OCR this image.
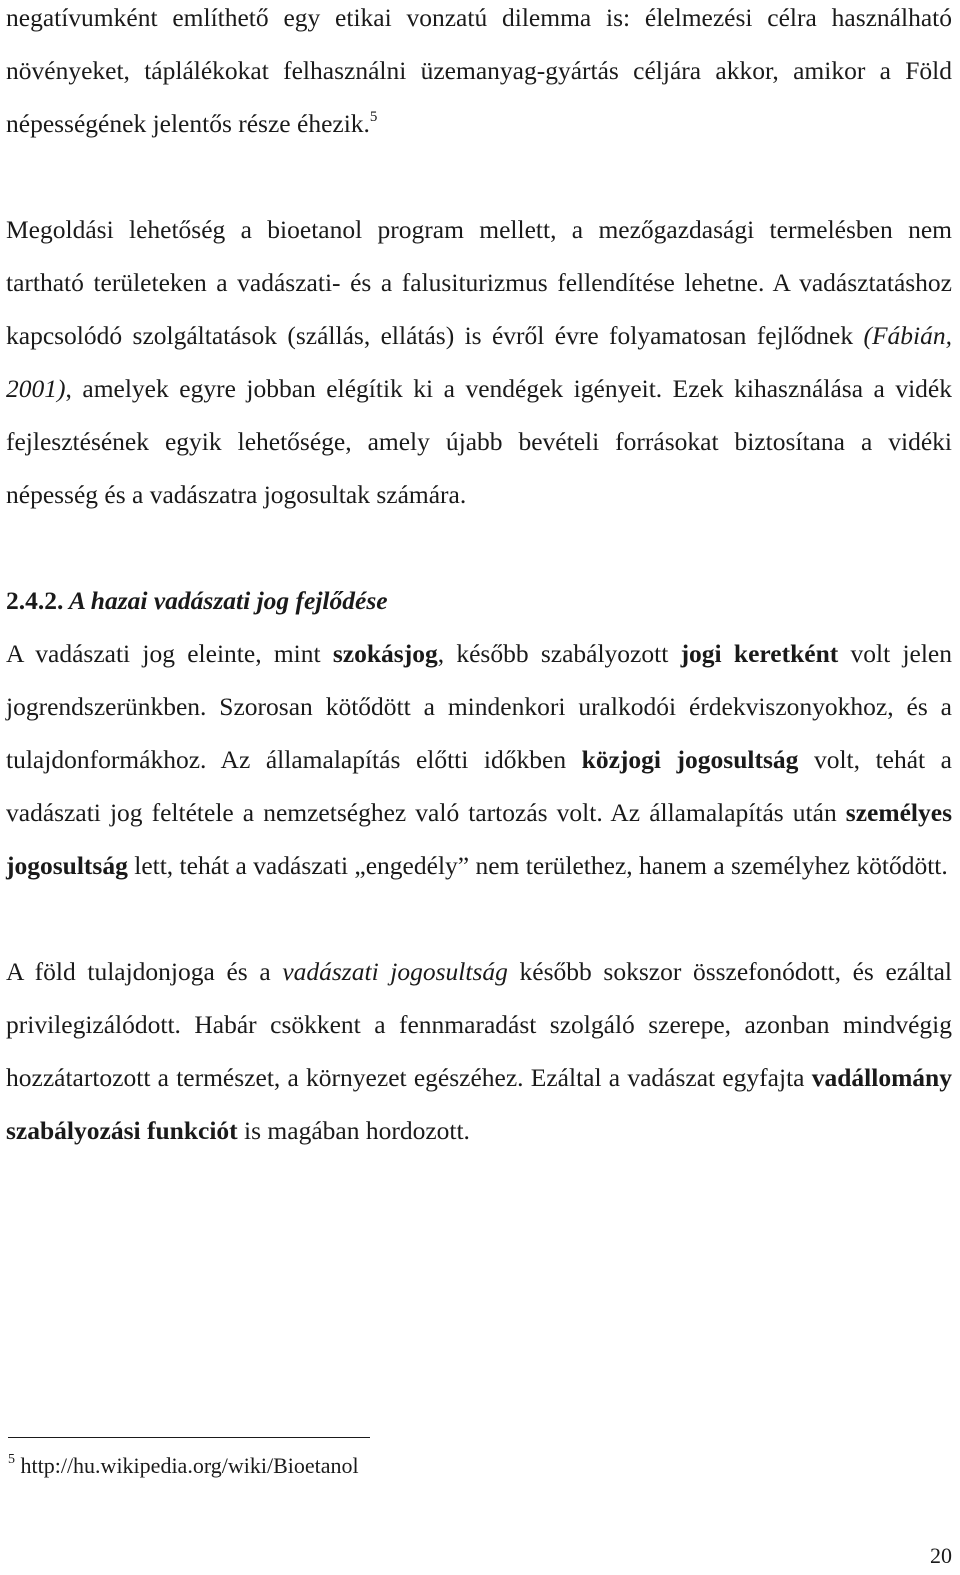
negatívumként említhető egy etikai vonzatú dilemma is: élelmezési célra használható növényeket, táplálékokat felhasználni üzemanyag-gyártás céljára akkor, amikor a Föld népességének jelentős része éhezik.$^5$

Megoldási lehetőség a bioetanol program mellett, a mezőgazdasági termelésben nem tartható területeken a vadászati- és a falusiturizmus fellendítése lehetne. A vadásztatáshoz kapcsolódó szolgáltatások (szállás, ellátás) is évről évre folyamatosan fejlődnek (Fábián, 2001), amelyek egyre jobban elégítik ki a vendégek igényeit. Ezek kihasználása a vidék fejlesztésének egyik lehetősége, amely újabb bevételi forrásokat biztosítana a vidéki népesség és a vadászatra jogosultak számára.

2.4.2. A hazai vadászati jog fejlődése

A vadászati jog eleinte, mint szokásjog, később szabályozott jogi keretként volt jelen jogrendszerünkben. Szorosan kötődött a mindenkori uralkodói érdekviszonyokhoz, és a tulajdonformákhoz. Az államalapítás előtti időkben közjogi jogosultság volt, tehát a vadászati jog feltétele a nemzetséghez való tartozás volt. Az államalapítás után személyes jogosultság lett, tehát a vadászati „engedély” nem területhez, hanem a személyhez kötődött.

A föld tulajdonjoga és a vadászati jogosultság később sokszor összefonódott, és ezáltal privilegizálódott. Habár csökkent a fennmaradást szolgáló szerepe, azonban mindvégig hozzátartozott a természet, a környezet egészéhez. Ezáltal a vadászat egyfajta vadállomány szabályozási funkciót is magában hordozott.

$^5$ http://hu.wikipedia.org/wiki/Bioetanol
20
